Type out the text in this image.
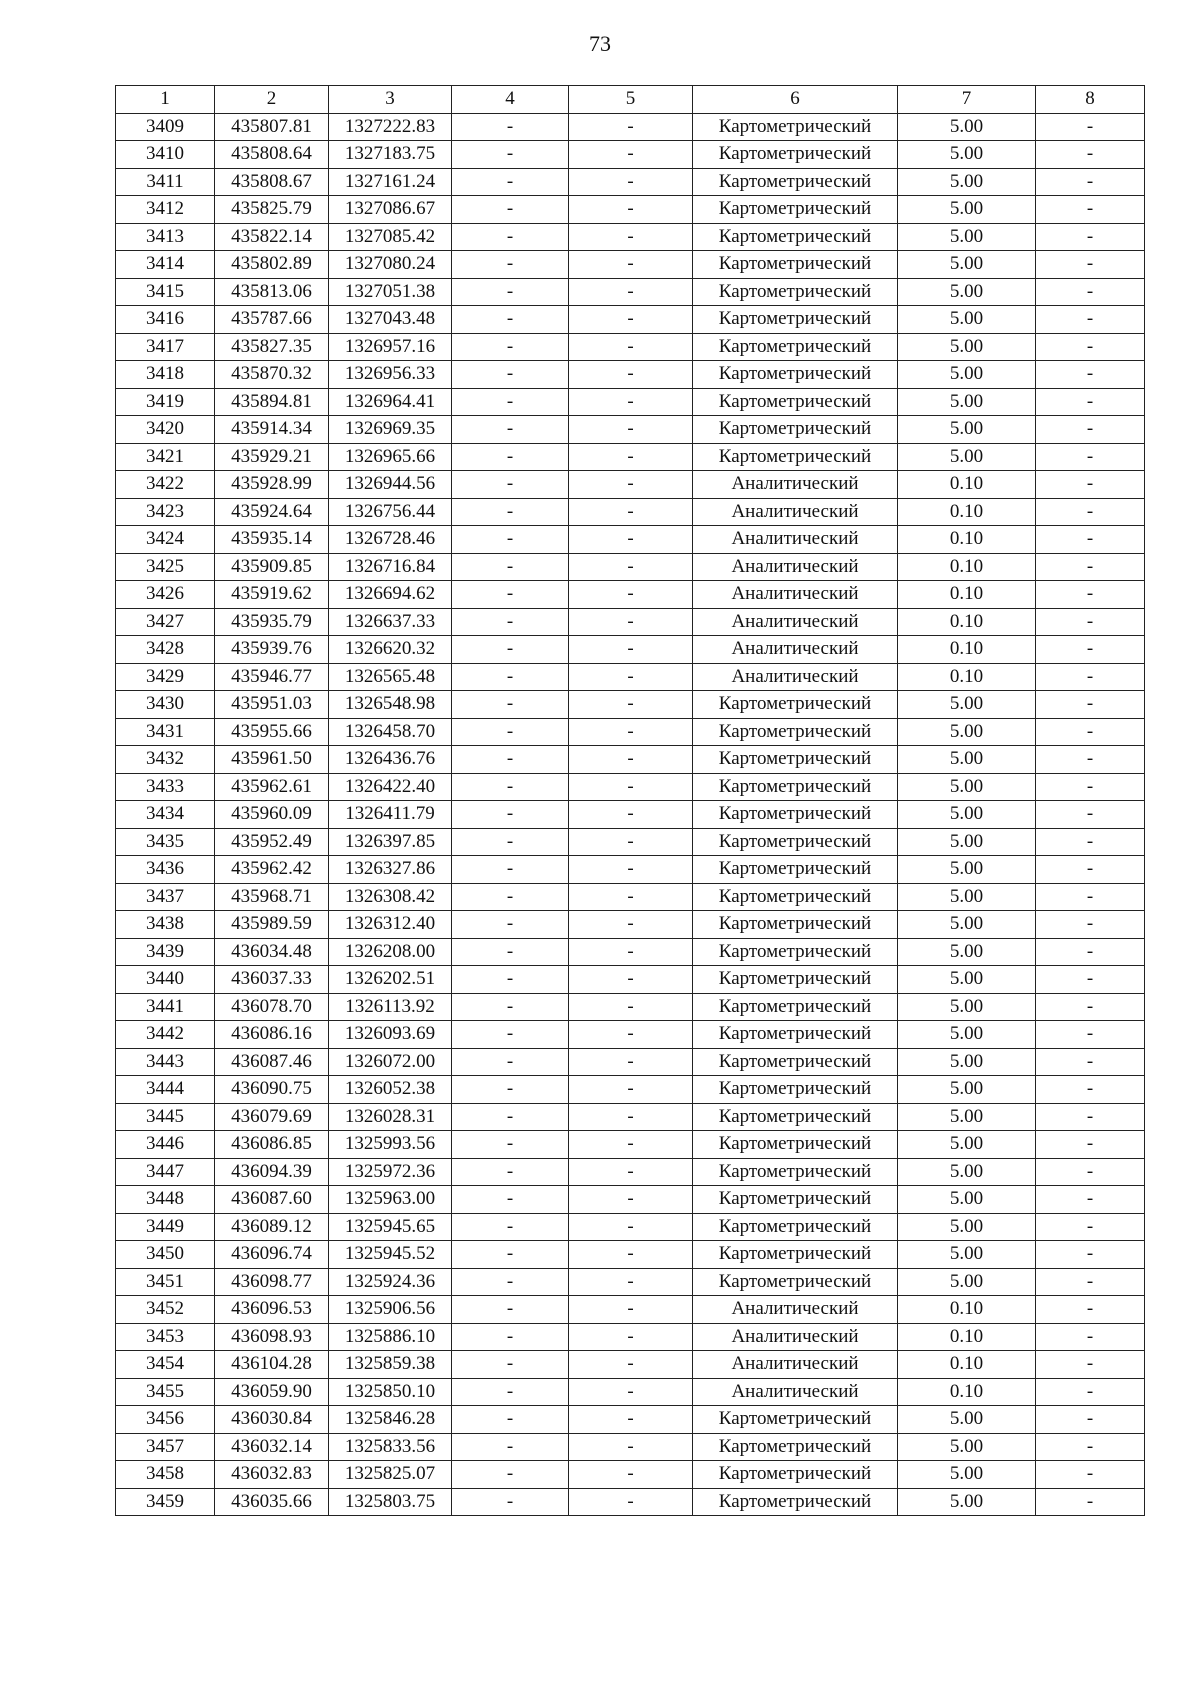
73
1	2	3	4	5	6	7	8
3409	435807.81	1327222.83	-	-	Картометрический	5.00	-
3410	435808.64	1327183.75	-	-	Картометрический	5.00	-
3411	435808.67	1327161.24	-	-	Картометрический	5.00	-
3412	435825.79	1327086.67	-	-	Картометрический	5.00	-
3413	435822.14	1327085.42	-	-	Картометрический	5.00	-
3414	435802.89	1327080.24	-	-	Картометрический	5.00	-
3415	435813.06	1327051.38	-	-	Картометрический	5.00	-
3416	435787.66	1327043.48	-	-	Картометрический	5.00	-
3417	435827.35	1326957.16	-	-	Картометрический	5.00	-
3418	435870.32	1326956.33	-	-	Картометрический	5.00	-
3419	435894.81	1326964.41	-	-	Картометрический	5.00	-
3420	435914.34	1326969.35	-	-	Картометрический	5.00	-
3421	435929.21	1326965.66	-	-	Картометрический	5.00	-
3422	435928.99	1326944.56	-	-	Аналитический	0.10	-
3423	435924.64	1326756.44	-	-	Аналитический	0.10	-
3424	435935.14	1326728.46	-	-	Аналитический	0.10	-
3425	435909.85	1326716.84	-	-	Аналитический	0.10	-
3426	435919.62	1326694.62	-	-	Аналитический	0.10	-
3427	435935.79	1326637.33	-	-	Аналитический	0.10	-
3428	435939.76	1326620.32	-	-	Аналитический	0.10	-
3429	435946.77	1326565.48	-	-	Аналитический	0.10	-
3430	435951.03	1326548.98	-	-	Картометрический	5.00	-
3431	435955.66	1326458.70	-	-	Картометрический	5.00	-
3432	435961.50	1326436.76	-	-	Картометрический	5.00	-
3433	435962.61	1326422.40	-	-	Картометрический	5.00	-
3434	435960.09	1326411.79	-	-	Картометрический	5.00	-
3435	435952.49	1326397.85	-	-	Картометрический	5.00	-
3436	435962.42	1326327.86	-	-	Картометрический	5.00	-
3437	435968.71	1326308.42	-	-	Картометрический	5.00	-
3438	435989.59	1326312.40	-	-	Картометрический	5.00	-
3439	436034.48	1326208.00	-	-	Картометрический	5.00	-
3440	436037.33	1326202.51	-	-	Картометрический	5.00	-
3441	436078.70	1326113.92	-	-	Картометрический	5.00	-
3442	436086.16	1326093.69	-	-	Картометрический	5.00	-
3443	436087.46	1326072.00	-	-	Картометрический	5.00	-
3444	436090.75	1326052.38	-	-	Картометрический	5.00	-
3445	436079.69	1326028.31	-	-	Картометрический	5.00	-
3446	436086.85	1325993.56	-	-	Картометрический	5.00	-
3447	436094.39	1325972.36	-	-	Картометрический	5.00	-
3448	436087.60	1325963.00	-	-	Картометрический	5.00	-
3449	436089.12	1325945.65	-	-	Картометрический	5.00	-
3450	436096.74	1325945.52	-	-	Картометрический	5.00	-
3451	436098.77	1325924.36	-	-	Картометрический	5.00	-
3452	436096.53	1325906.56	-	-	Аналитический	0.10	-
3453	436098.93	1325886.10	-	-	Аналитический	0.10	-
3454	436104.28	1325859.38	-	-	Аналитический	0.10	-
3455	436059.90	1325850.10	-	-	Аналитический	0.10	-
3456	436030.84	1325846.28	-	-	Картометрический	5.00	-
3457	436032.14	1325833.56	-	-	Картометрический	5.00	-
3458	436032.83	1325825.07	-	-	Картометрический	5.00	-
3459	436035.66	1325803.75	-	-	Картометрический	5.00	-
